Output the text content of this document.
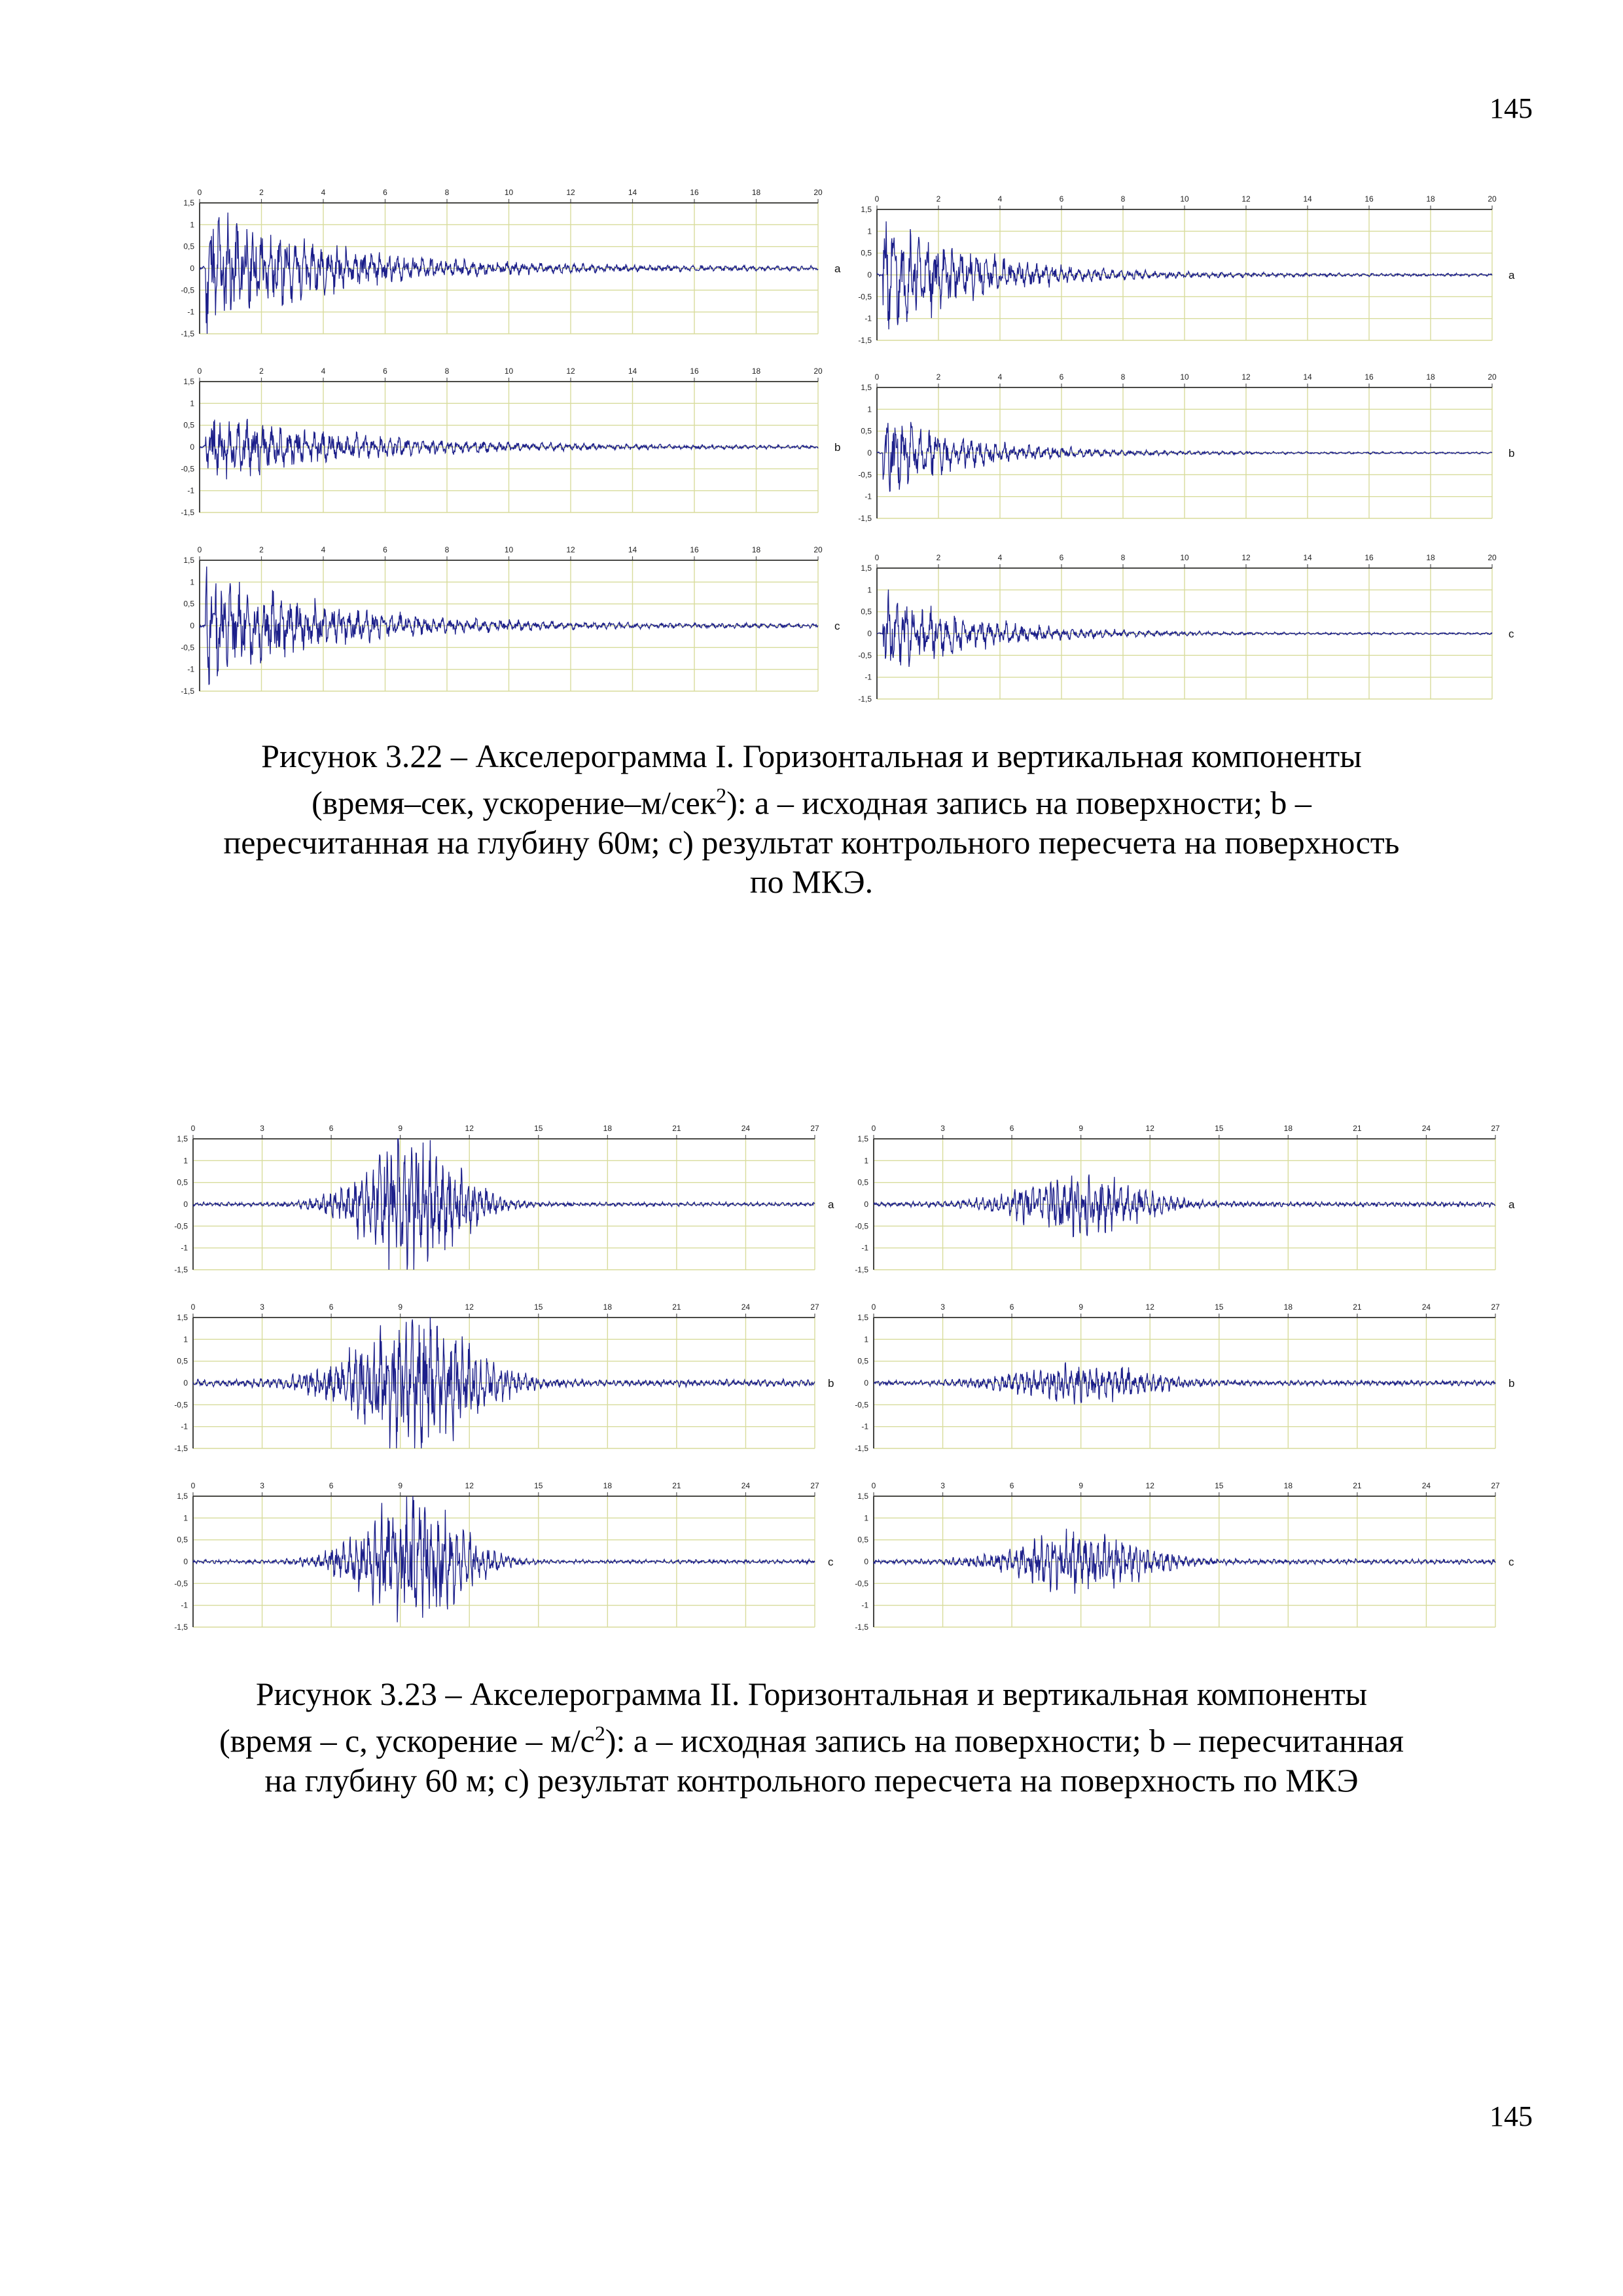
145
1,5
1
0,5
0
-0,5
-1
-1,5
0	2	4	6	8	10	12	14	16	18	20
a
1,5
1
0,5
0
-0,5
-1
-1,5
0	2	4	6	8	10	12	14	16	18	20
b
1,5
1
0,5
0
-0,5
-1
-1,5
0	2	4	6	8	10	12	14	16	18	20
c
1,5
1
0,5
0
-0,5
-1
-1,5
0	2	4	6	8	10	12	14	16	18	20
a
1,5
1
0,5
0
-0,5
-1
-1,5
0	2	4	6	8	10	12	14	16	18	20
b
1,5
1
0,5
0
-0,5
-1
-1,5
0	2	4	6	8	10	12	14	16	18	20
c
Рисунок 3.22 – Акселерограмма I. Горизонтальная и вертикальная компоненты
(время–сек, ускорение–м/сек$^2$): а – исходная запись на поверхности; b –
пересчитанная на глубину 60м; c) результат контрольного пересчета на поверхность
по МКЭ.
1,5
1
0,5
0
-0,5
-1
-1,5
0	3	6	9	12	15	18	21	24	27
a
1,5
1
0,5
0
-0,5
-1
-1,5
0	3	6	9	12	15	18	21	24	27
b
1,5
1
0,5
0
-0,5
-1
-1,5
0	3	6	9	12	15	18	21	24	27
c
1,5
1
0,5
0
-0,5
-1
-1,5
0	3	6	9	12	15	18	21	24	27
a
1,5
1
0,5
0
-0,5
-1
-1,5
0	3	6	9	12	15	18	21	24	27
b
1,5
1
0,5
0
-0,5
-1
-1,5
0	3	6	9	12	15	18	21	24	27
c
Рисунок 3.23 – Акселерограмма II. Горизонтальная и вертикальная компоненты
(время – с, ускорение – $м/с^2$): а – исходная запись на поверхности; b – пересчитанная
на глубину 60 м; c) результат контрольного пересчета на поверхность по МКЭ
145
